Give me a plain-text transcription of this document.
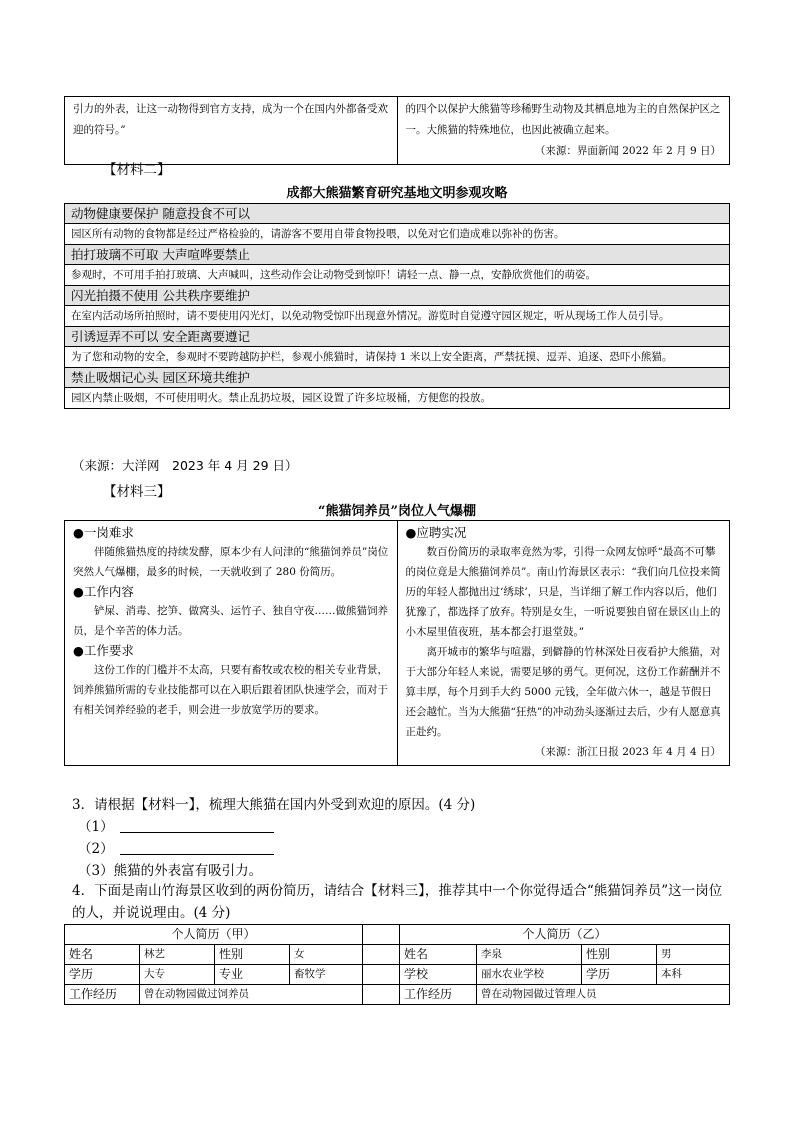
引力的外表，让这一动物得到官方支持，成为一个在国内外都备受欢迎的符号。”	
的四个以保护大熊猫等珍稀野生动物及其栖息地为主的自然保护区之一。大熊猫的特殊地位，也因此被确立起来。
（来源：界面新闻 2022 年 2 月 9 日）
【材料二】
成都大熊猫繁育研究基地文明参观攻略
动物健康要保护 随意投食不可以
园区所有动物的食物都是经过严格检验的，请游客不要用自带食物投喂，以免对它们造成难以弥补的伤害。
拍打玻璃不可取 大声喧哗要禁止
参观时，不可用手拍打玻璃、大声喊叫，这些动作会让动物受到惊吓！请轻一点、静一点，安静欣赏他们的萌姿。
闪光拍摄不使用 公共秩序要维护
在室内活动场所拍照时，请不要使用闪光灯，以免动物受惊吓出现意外情况。游览时自觉遵守园区规定，听从现场工作人员引导。
引诱逗弄不可以 安全距离要遵记
为了您和动物的安全，参观时不要跨越防护栏，参观小熊猫时，请保持 1 米以上安全距离，严禁抚摸、逗弄、追逐、恐吓小熊猫。
禁止吸烟记心头 园区环境共维护
园区内禁止吸烟，不可使用明火。禁止乱扔垃圾，园区设置了许多垃圾桶，方便您的投放。
（来源：大洋网　2023 年 4 月 29 日）
【材料三】
“熊猫饲养员”岗位人气爆棚
●一岗难求

伴随熊猫热度的持续发酵，原本少有人问津的“熊猫饲养员”岗位突然人气爆棚，最多的时候，一天就收到了 280 份简历。

●工作内容

铲屎、消毒、挖笋、做窝头、运竹子、独自守夜……做熊猫饲养员，是个辛苦的体力活。

●工作要求

这份工作的门槛并不太高，只要有畜牧或农校的相关专业背景，饲养熊猫所需的专业技能都可以在入职后跟着团队快速学会，而对于有相关饲养经验的老手，则会进一步放宽学历的要求。

●应聘实况

数百份简历的录取率竟然为零，引得一众网友惊呼“最高不可攀的岗位竟是大熊猫饲养员”。南山竹海景区表示：“我们向几位投来简历的年轻人都抛出过‘绣球’，只是，当详细了解工作内容以后，他们犹豫了，都选择了放弃。特别是女生，一听说要独自留在景区山上的小木屋里值夜班，基本都会打退堂鼓。”

离开城市的繁华与喧嚣，到僻静的竹林深处日夜看护大熊猫，对于大部分年轻人来说，需要足够的勇气。更何况，这份工作薪酬并不算丰厚，每个月到手大约 5000 元钱，全年做六休一，越是节假日还会越忙。当为大熊猫“狂热”的冲动劲头逐渐过去后，少有人愿意真正赴约。

（来源：浙江日报 2023 年 4 月 4 日）
3．请根据【材料一】，梳理大熊猫在国内外受到欢迎的原因。(4 分)
（1）
（2）
（3）熊猫的外表富有吸引力。
4．下面是南山竹海景区收到的两份简历，请结合【材料三】，推荐其中一个你觉得适合“熊猫饲养员”这一岗位的人，并说说理由。(4 分)
个人简历（甲）					个人简历（乙）			
姓名	林艺	性别	女		姓名	李泉	性别	男
学历	大专	专业	畜牧学		学校	丽水农业学校	学历	本科
工作经历	曾在动物园做过饲养员				工作经历	曾在动物园做过管理人员		
